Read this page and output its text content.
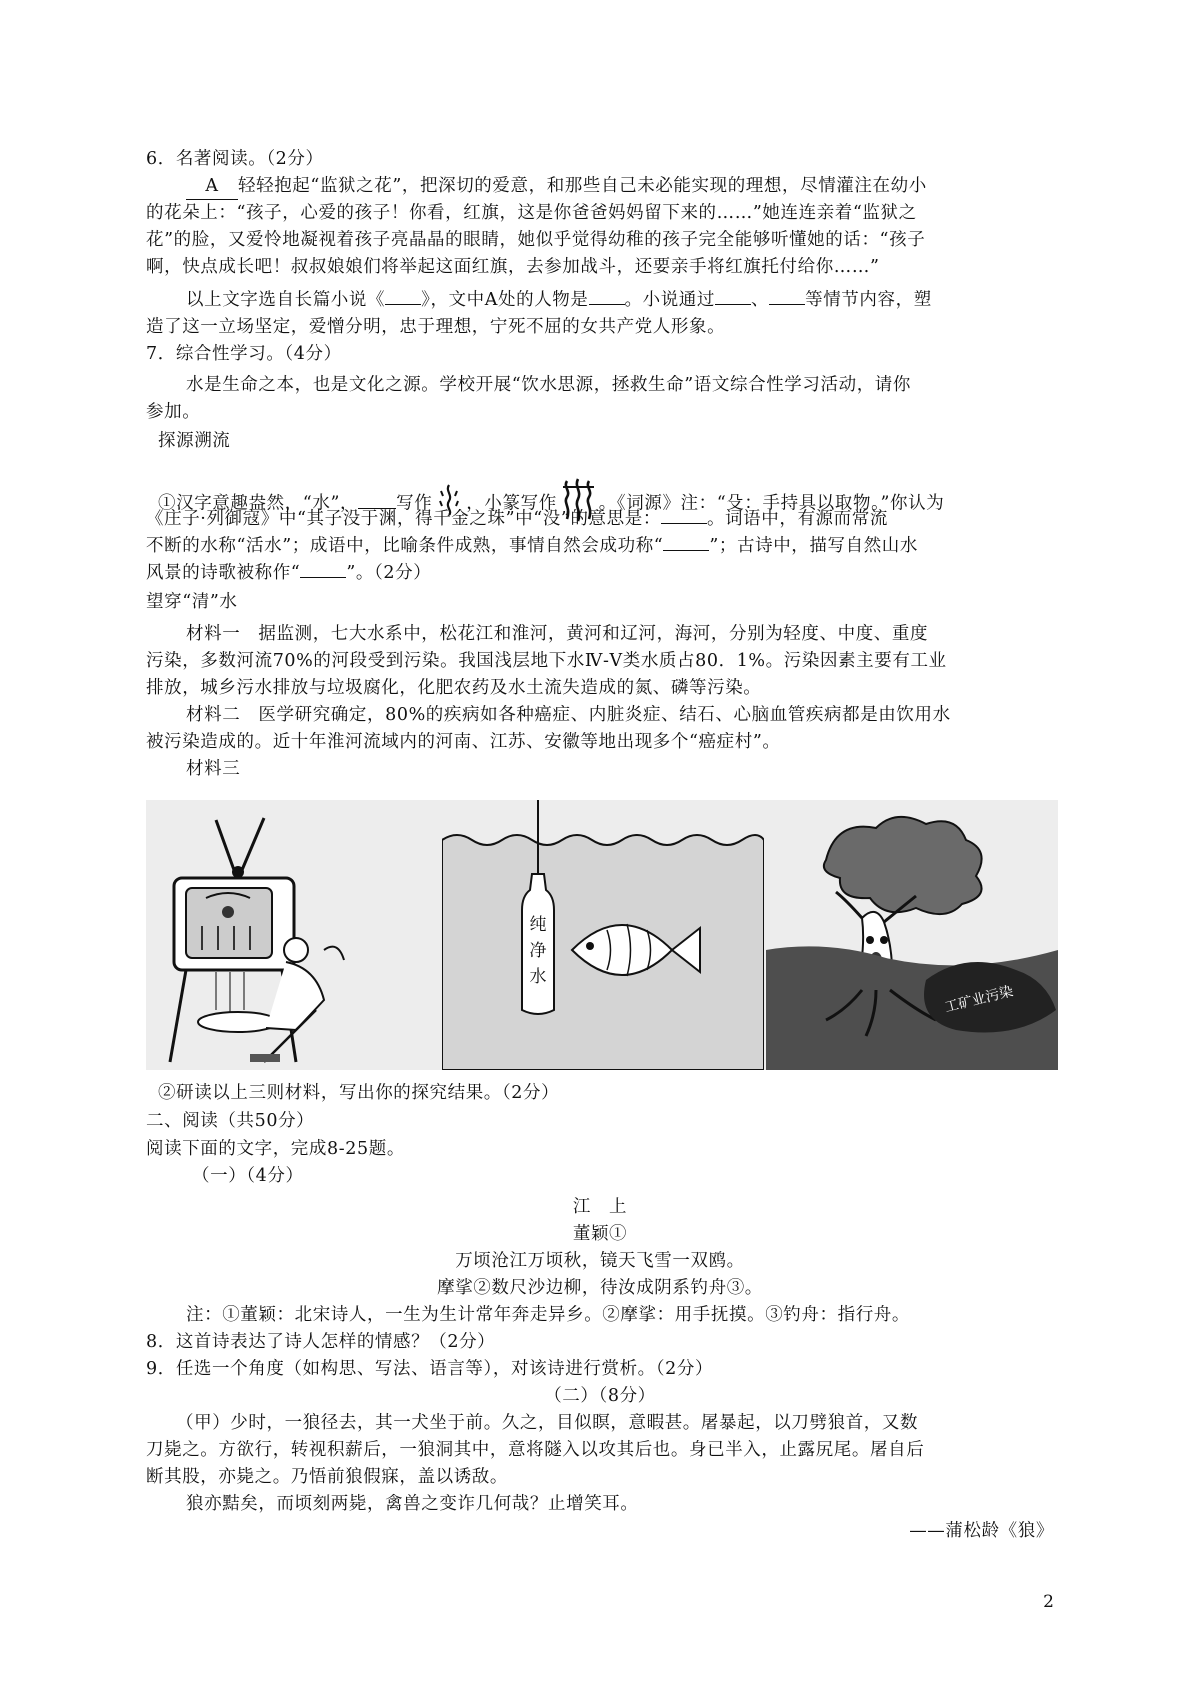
6．名著阅读。（2分）
A 轻轻抱起“监狱之花”，把深切的爱意，和那些自己未必能实现的理想，尽情灌注在幼小
的花朵上：“孩子，心爱的孩子！你看，红旗，这是你爸爸妈妈留下来的……”她连连亲着“监狱之
花”的脸，又爱怜地凝视着孩子亮晶晶的眼睛，她似乎觉得幼稚的孩子完全能够听懂她的话：“孩子
啊，快点成长吧！叔叔娘娘们将举起这面红旗，去参加战斗，还要亲手将红旗托付给你……”
以上文字选自长篇小说《 》，文中A处的人物是 。小说通过 、 等情节内容，塑
造了这一立场坚定，爱憎分明，忠于理想，宁死不屈的女共产党人形象。
7．综合性学习。（4分）
水是生命之本，也是文化之源。学校开展“饮水思源，拯救生命”语文综合性学习活动，请你
参加。
探源溯流
①汉字意趣盎然，“水”， 写作 ，小篆写作 。《词源》注：“殳：手持具以取物。”你认为
《庄子·列御寇》中“其子没于渊，得千金之珠”中“没”的意思是：	。词语中，有源而常流
不断的水称“活水”；成语中，比喻条件成熟，事情自然会成功称“	”；古诗中，描写自然山水
风景的诗歌被称作“	”。（2分）
望穿“清”水
材料一　据监测，七大水系中，松花江和淮河，黄河和辽河，海河，分别为轻度、中度、重度
污染，多数河流70%的河段受到污染。我国浅层地下水Ⅳ-Ⅴ类水质占80．1%。污染因素主要有工业
排放，城乡污水排放与垃圾腐化，化肥农药及水土流失造成的氮、磷等污染。
材料二　医学研究确定，80%的疾病如各种癌症、内脏炎症、结石、心脑血管疾病都是由饮用水
被污染造成的。近十年淮河流域内的河南、江苏、安徽等地出现多个“癌症村”。
材料三
纯
净
水
工矿业污染
②研读以上三则材料，写出你的探究结果。（2分）
二、阅读（共50分）
阅读下面的文字，完成8-25题。
（一）（4分）
江　上
董颖①
万顷沧江万顷秋，镜天飞雪一双鸥。
摩挲②数尺沙边柳，待汝成阴系钓舟③。
注：①董颖：北宋诗人，一生为生计常年奔走异乡。②摩挲：用手抚摸。③钓舟：指行舟。
8．这首诗表达了诗人怎样的情感？（2分）
9．任选一个角度（如构思、写法、语言等），对该诗进行赏析。（2分）
（二）（8分）
（甲）少时，一狼径去，其一犬坐于前。久之，目似瞑，意暇甚。屠暴起，以刀劈狼首，又数
刀毙之。方欲行，转视积薪后，一狼洞其中，意将隧入以攻其后也。身已半入，止露尻尾。屠自后
断其股，亦毙之。乃悟前狼假寐，盖以诱敌。
狼亦黠矣，而顷刻两毙，禽兽之变诈几何哉？止增笑耳。
——蒲松龄《狼》
2
